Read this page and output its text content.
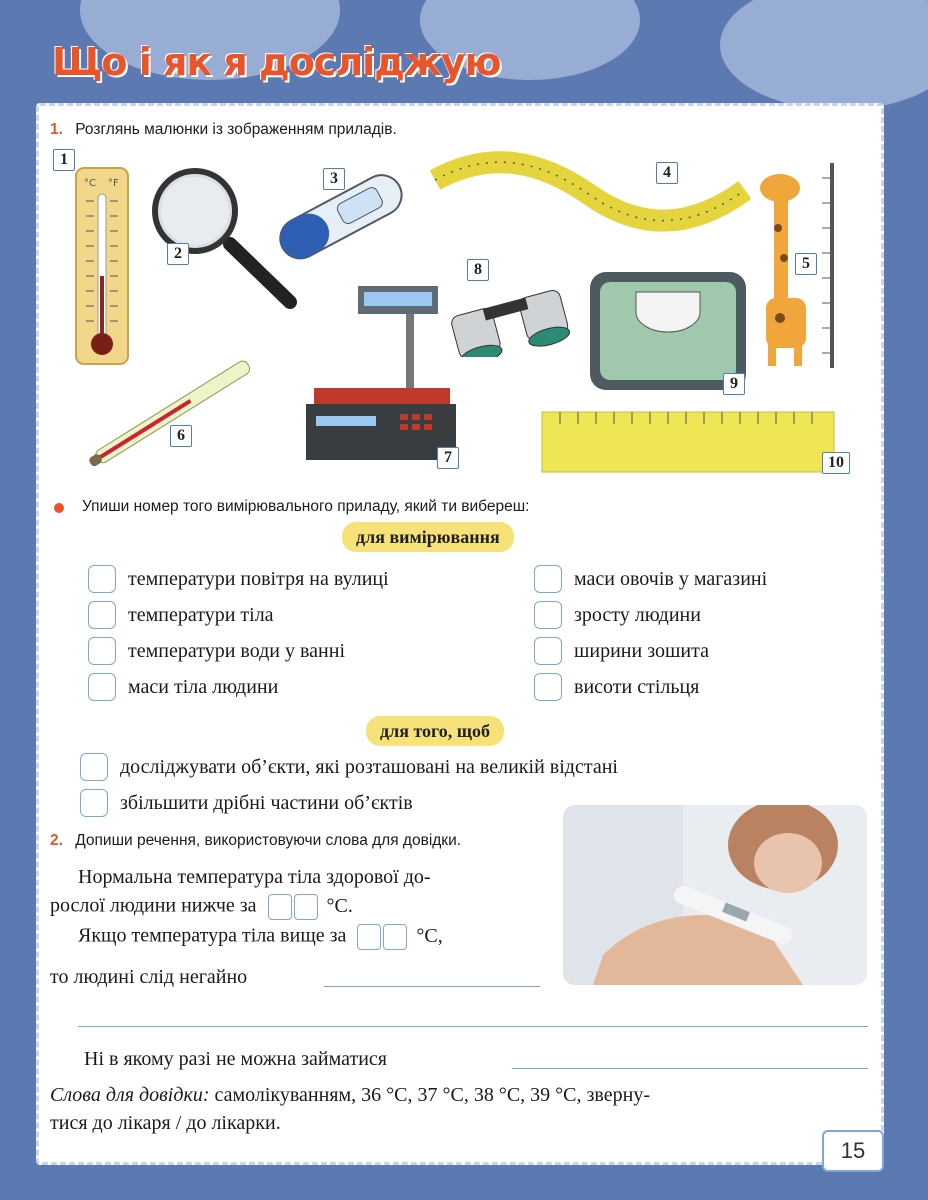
Що і як я досліджую
1. Розглянь малюнки із зображенням приладів.
°C °F
1
2
3	4
5
6
7
8
9
10
Упиши номер того вимірювального приладу, який ти вибереш:
для вимірювання
температури повітря на вулиці
температури тіла
температури води у ванні
маси тіла людини
маси овочів у магазині
зросту людини
ширини зошита
висоти стільця
для того, щоб
досліджувати об’єкти, які розташовані на великій відстані
збільшити дрібні частини об’єктів
2. Допиши речення, використовуючи слова для довідки.
Нормальна температура тіла здорової до-
рослої людини нижче за	°С.
Якщо температура тіла вище за	°С,
то людині слід негайно
Ні в якому разі не можна займатися
Слова для довідки: самолікуванням, 36 °С, 37 °С, 38 °С, 39 °С, зверну-
тися до лікаря / до лікарки.
15
